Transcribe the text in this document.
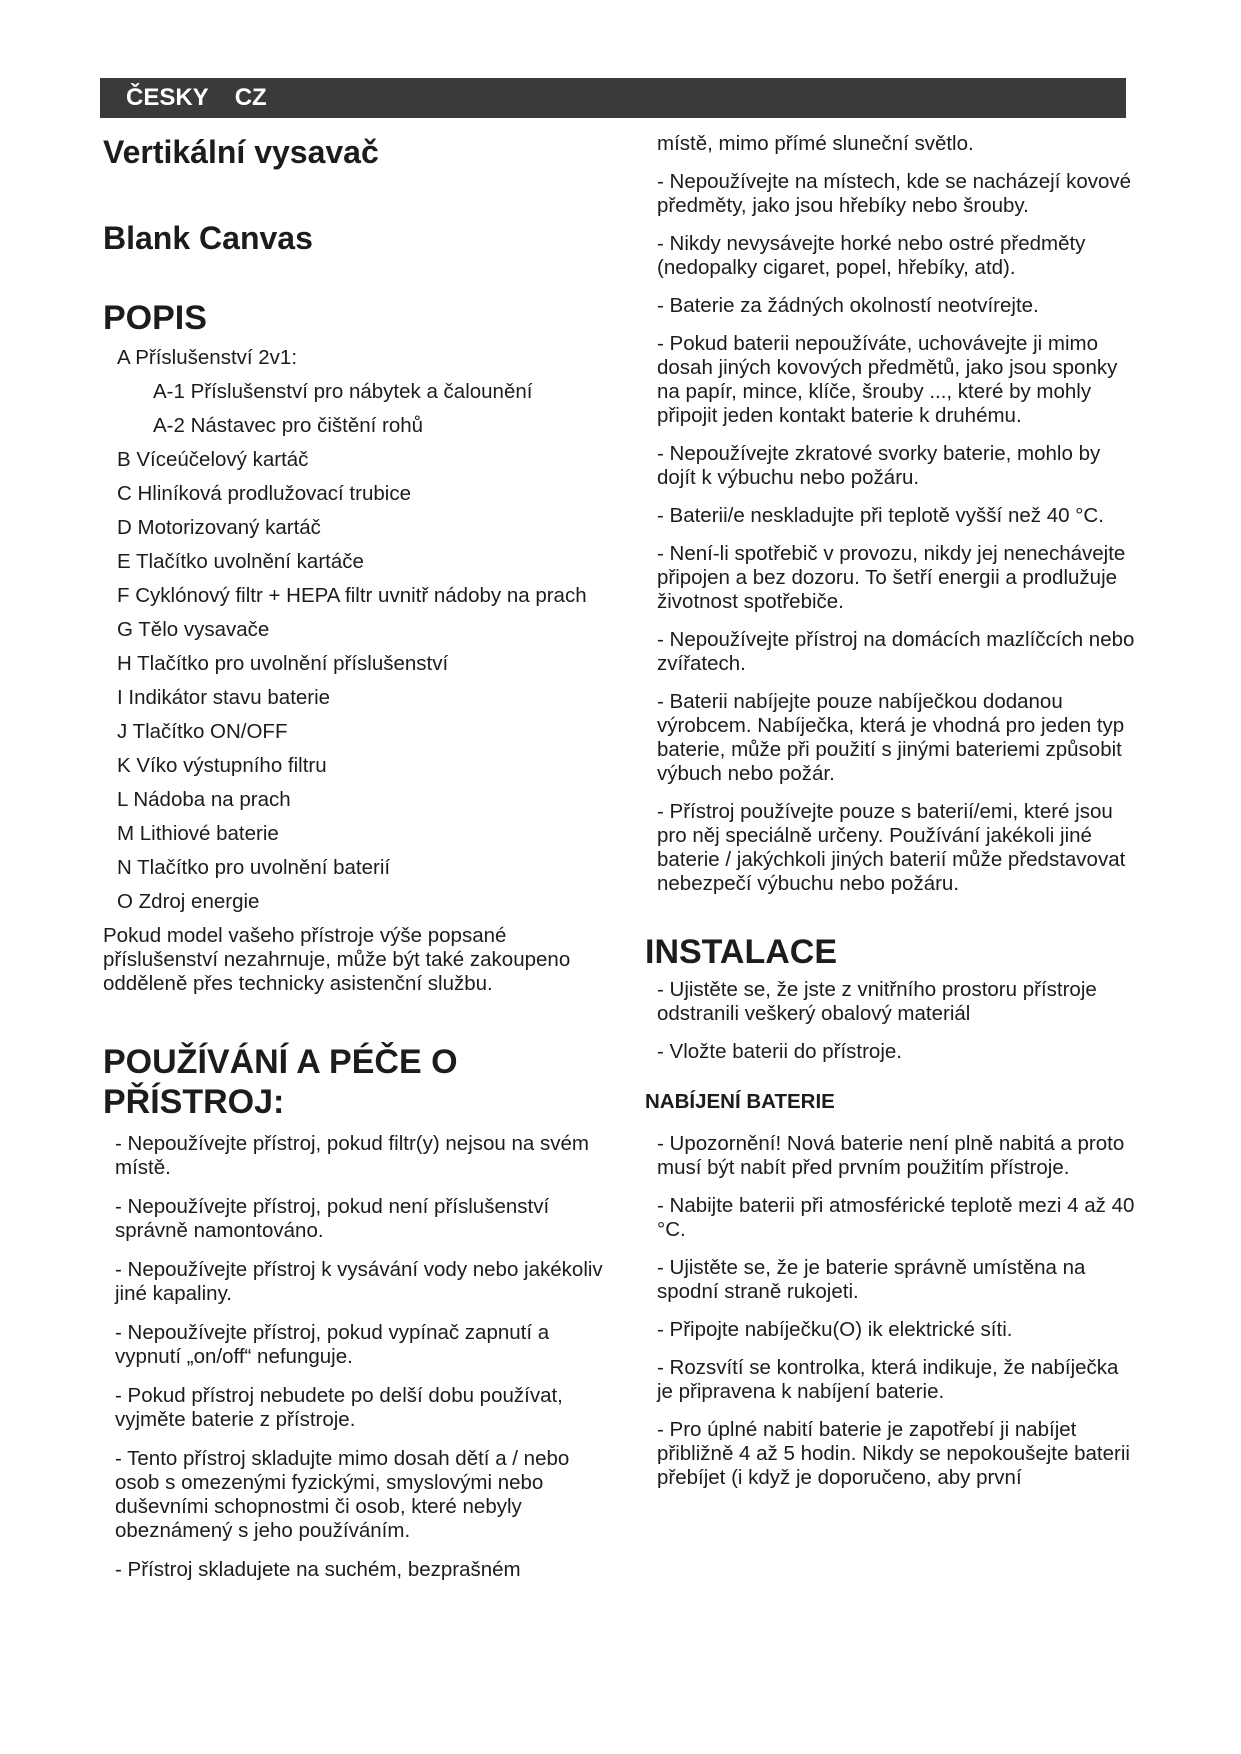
ČESKY CZ
Vertikální vysavač
Blank Canvas
POPIS

A Příslušenství 2v1:

A-1 Příslušenství pro nábytek a čalounění

A-2 Nástavec pro čištění rohů

B Víceúčelový kartáč

C Hliníková prodlužovací trubice

D Motorizovaný kartáč

E Tlačítko uvolnění kartáče

F Cyklónový filtr + HEPA filtr uvnitř nádoby na prach

G Tělo vysavače

H Tlačítko pro uvolnění příslušenství

I Indikátor stavu baterie

J Tlačítko ON/OFF

K Víko výstupního filtru

L Nádoba na prach

M Lithiové baterie

N Tlačítko pro uvolnění baterií

O Zdroj energie

Pokud model vašeho přístroje výše popsané příslušenství nezahrnuje, může být také zakoupeno odděleně přes technicky asistenční službu.

POUŽÍVÁNÍ A PÉČE O PŘÍSTROJ:

- Nepoužívejte přístroj, pokud filtr(y) nejsou na svém místě.

- Nepoužívejte přístroj, pokud není příslušenství správně namontováno.

- Nepoužívejte přístroj k vysávání vody nebo jakékoliv jiné kapaliny.

- Nepoužívejte přístroj, pokud vypínač zapnutí a vypnutí „on/off“ nefunguje.

- Pokud přístroj nebudete po delší dobu používat, vyjměte baterie z přístroje.

- Tento přístroj skladujte mimo dosah dětí a / nebo osob s omezenými fyzickými, smyslovými nebo duševními schopnostmi či osob, které nebyly obeznámený s jeho používáním.

- Přístroj skladujete na suchém, bezprašném

místě, mimo přímé sluneční světlo.

- Nepoužívejte na místech, kde se nacházejí kovové předměty, jako jsou hřebíky nebo šrouby.

- Nikdy nevysávejte horké nebo ostré předměty (nedopalky cigaret, popel, hřebíky, atd).

- Baterie za žádných okolností neotvírejte.

- Pokud baterii nepoužíváte, uchovávejte ji mimo dosah jiných kovových předmětů, jako jsou sponky na papír, mince, klíče, šrouby ..., které by mohly připojit jeden kontakt baterie k druhému.

- Nepoužívejte zkratové svorky baterie, mohlo by dojít k výbuchu nebo požáru.

- Baterii/e neskladujte při teplotě vyšší než 40 °C.

- Není-li spotřebič v provozu, nikdy jej nenechávejte připojen a bez dozoru. To šetří energii a prodlužuje životnost spotřebiče.

- Nepoužívejte přístroj na domácích mazlíčcích nebo zvířatech.

- Baterii nabíjejte pouze nabíječkou dodanou výrobcem. Nabíječka, která je vhodná pro jeden typ baterie, může při použití s jinými bateriemi způsobit výbuch nebo požár.

- Přístroj používejte pouze s baterií/emi, které jsou pro něj speciálně určeny. Používání jakékoli jiné baterie / jakýchkoli jiných baterií může představovat nebezpečí výbuchu nebo požáru.

INSTALACE

- Ujistěte se, že jste z vnitřního prostoru přístroje odstranili veškerý obalový materiál

- Vložte baterii do přístroje.

NABÍJENÍ BATERIE

- Upozornění! Nová baterie není plně nabitá a proto musí být nabít před prvním použitím přístroje.

- Nabijte baterii při atmosférické teplotě mezi 4 až 40 °C.

- Ujistěte se, že je baterie správně umístěna na spodní straně rukojeti.

- Připojte nabíječku(O) ik elektrické síti.

- Rozsvítí se kontrolka, která indikuje, že nabíječka je připravena k nabíjení baterie.

- Pro úplné nabití baterie je zapotřebí ji nabíjet přibližně 4 až 5 hodin. Nikdy se nepokoušejte baterii přebíjet (i když je doporučeno, aby první
